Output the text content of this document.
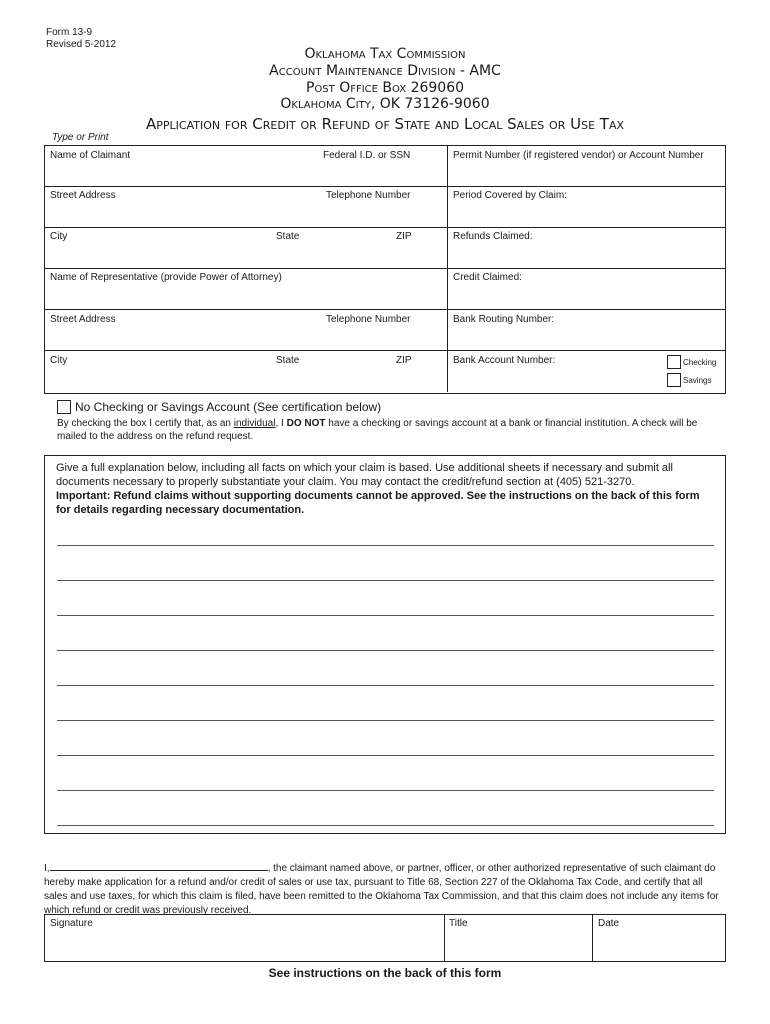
Form 13-9
Revised 5-2012
Oklahoma Tax Commission
Account Maintenance Division - AMC
Post Office Box 269060
Oklahoma City, OK 73126-9060
Application for Credit or Refund of State and Local Sales or Use Tax
Type or Print
Name of Claimant	Federal I.D. or SSN	Permit Number (if registered vendor) or Account Number
Street Address	Telephone Number	Period Covered by Claim:
City	State	ZIP	Refunds Claimed:
Name of Representative (provide Power of Attorney)	Credit Claimed:
Street Address	Telephone Number	Bank Routing Number:
City	State	ZIP	Bank Account Number:	Checking
Savings
No Checking or Savings Account (See certification below)
By checking the box I certify that, as an individual, I DO NOT have a checking or savings account at a bank or financial institution. A check will be mailed to the address on the refund request.
Give a full explanation below, including all facts on which your claim is based. Use additional sheets if necessary and submit all documents necessary to properly substantiate your claim. You may contact the credit/refund section at (405) 521-3270.
Important: Refund claims without supporting documents cannot be approved. See the instructions on the back of this form for details regarding necessary documentation.
I,	, the claimant named above, or partner, officer, or other authorized representative of such claimant do hereby make application for a refund and/or credit of sales or use tax, pursuant to Title 68, Section 227 of the Oklahoma Tax Code, and certify that all sales and use taxes, for which this claim is filed, have been remitted to the Oklahoma Tax Commission, and that this claim does not include any items for which refund or credit was previously received.
Signature	Title	Date
See instructions on the back of this form
